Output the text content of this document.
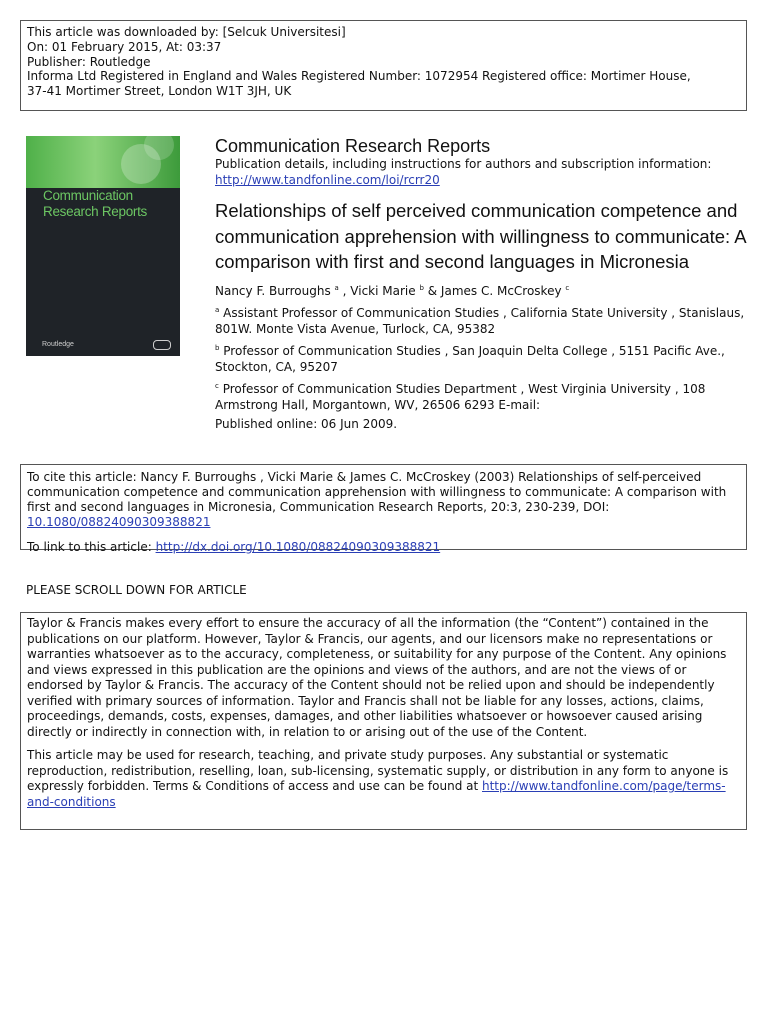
This article was downloaded by: [Selcuk Universitesi]
On: 01 February 2015, At: 03:37
Publisher: Routledge
Informa Ltd Registered in England and Wales Registered Number: 1072954 Registered office: Mortimer House,
37-41 Mortimer Street, London W1T 3JH, UK
Communication
Research Reports
Routledge
Communication Research Reports
Publication details, including instructions for authors and subscription information:
http://www.tandfonline.com/loi/rcrr20
Relationships of self perceived communication competence and communication apprehension with willingness to communicate: A comparison with first and second languages in Micronesia
Nancy F. Burroughs $^a$ , Vicki Marie $^b$ & James C. McCroskey $^c$
$^a$ Assistant Professor of Communication Studies , California State University , Stanislaus, 801W. Monte Vista Avenue, Turlock, CA, 95382
$^b$ Professor of Communication Studies , San Joaquin Delta College , 5151 Pacific Ave., Stockton, CA, 95207
$^c$ Professor of Communication Studies Department , West Virginia University , 108 Armstrong Hall, Morgantown, WV, 26506 6293 E-mail:
Published online: 06 Jun 2009.
To cite this article: Nancy F. Burroughs , Vicki Marie & James C. McCroskey (2003) Relationships of self-perceived communication competence and communication apprehension with willingness to communicate: A comparison with first and second languages in Micronesia, Communication Research Reports, 20:3, 230-239, DOI: 10.1080/08824090309388821
To link to this article: http://dx.doi.org/10.1080/08824090309388821
PLEASE SCROLL DOWN FOR ARTICLE

Taylor & Francis makes every effort to ensure the accuracy of all the information (the “Content”) contained in the publications on our platform. However, Taylor & Francis, our agents, and our licensors make no representations or warranties whatsoever as to the accuracy, completeness, or suitability for any purpose of the Content. Any opinions and views expressed in this publication are the opinions and views of the authors, and are not the views of or endorsed by Taylor & Francis. The accuracy of the Content should not be relied upon and should be independently verified with primary sources of information. Taylor and Francis shall not be liable for any losses, actions, claims, proceedings, demands, costs, expenses, damages, and other liabilities whatsoever or howsoever caused arising directly or indirectly in connection with, in relation to or arising out of the use of the Content.

This article may be used for research, teaching, and private study purposes. Any substantial or systematic reproduction, redistribution, reselling, loan, sub-licensing, systematic supply, or distribution in any form to anyone is expressly forbidden. Terms & Conditions of access and use can be found at http://www.tandfonline.com/page/terms-and-conditions
